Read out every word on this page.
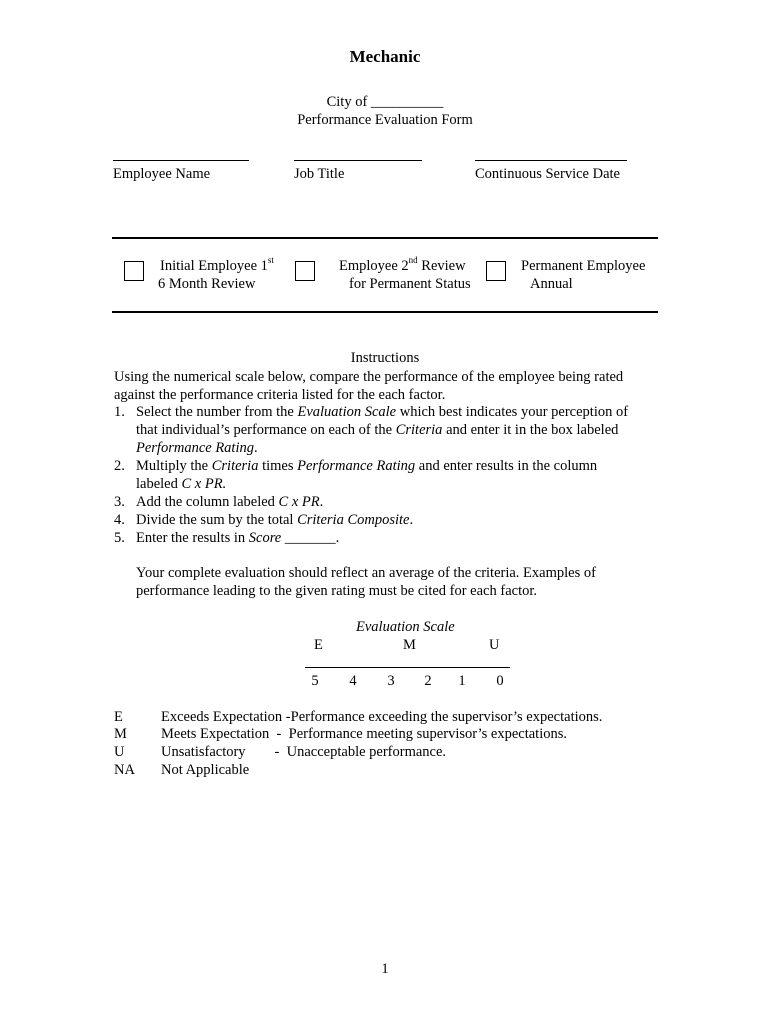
Mechanic
City of __________
Performance Evaluation Form
Employee Name	Job Title	Continuous Service Date
Initial Employee 1st
6 Month Review
Employee 2nd Review
for Permanent Status
Permanent Employee
Annual
Instructions
Using the numerical scale below, compare the performance of the employee being rated
against the performance criteria listed for the each factor.
1. Select the number from the Evaluation Scale which best indicates your perception of
that individual’s performance on each of the Criteria and enter it in the box labeled
Performance Rating.
2. Multiply the Criteria times Performance Rating and enter results in the column
labeled C x PR.
3. Add the column labeled C x PR.
4. Divide the sum by the total Criteria Composite.
5. Enter the results in Score _______.
Your complete evaluation should reflect an average of the criteria. Examples of
performance leading to the given rating must be cited for each factor.
Evaluation Scale
E	M	U
5 4 3 2 1 0
E	Exceeds Expectation -Performance exceeding the supervisor’s expectations.
M Meets Expectation  -  Performance meeting supervisor’s expectations.
U	Unsatisfactory        -  Unacceptable performance.
NA Not Applicable
1
